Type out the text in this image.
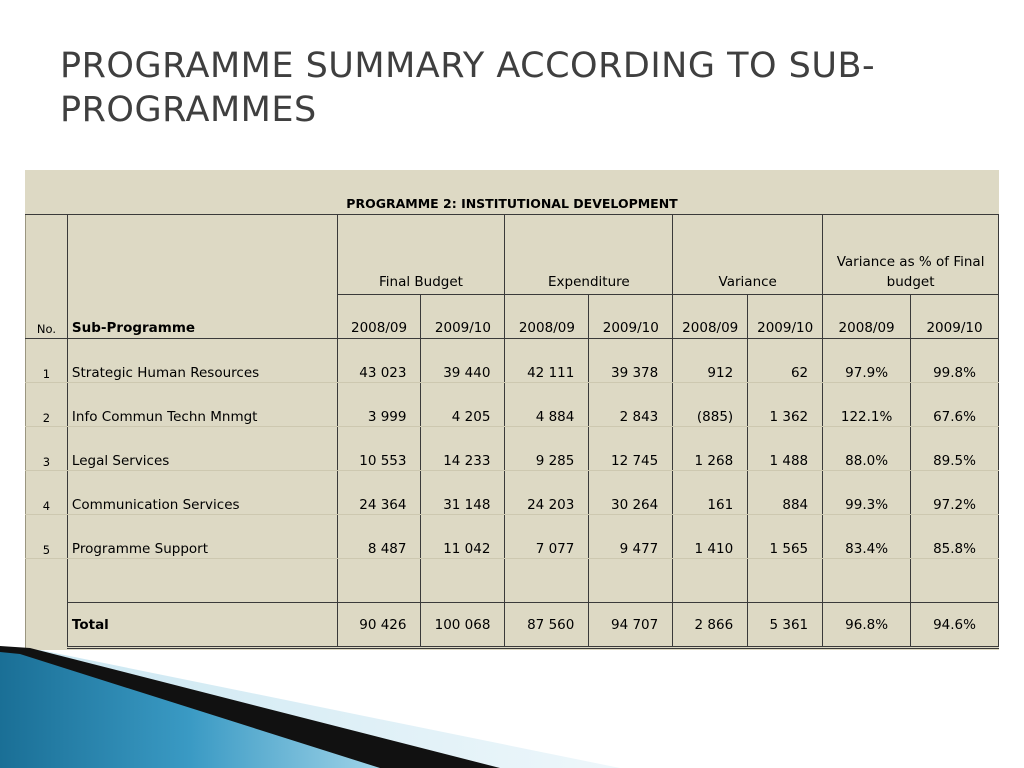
PROGRAMME SUMMARY ACCORDING TO SUB-PROGRAMMES
PROGRAMME 2: INSTITUTIONAL DEVELOPMENT
		Final Budget		Expenditure		Variance		Variance as % of Final budget	
No.	Sub-Programme	2008/09	2009/10	2008/09	2009/10	2008/09	2009/10	2008/09	2009/10
1	Strategic Human Resources	43 023	39 440	42 111	39 378	912	62	97.9%	99.8%
2	Info Commun Techn Mnmgt	3 999	4 205	4 884	2 843	(885)	1 362	122.1%	67.6%
3	Legal Services	10 553	14 233	9 285	12 745	1 268	1 488	88.0%	89.5%
4	Communication Services	24 364	31 148	24 203	30 264	161	884	99.3%	97.2%
5	Programme Support	8 487	11 042	7 077	9 477	1 410	1 565	83.4%	85.8%

	Total	90 426	100 068	87 560	94 707	2 866	5 361	96.8%	94.6%
